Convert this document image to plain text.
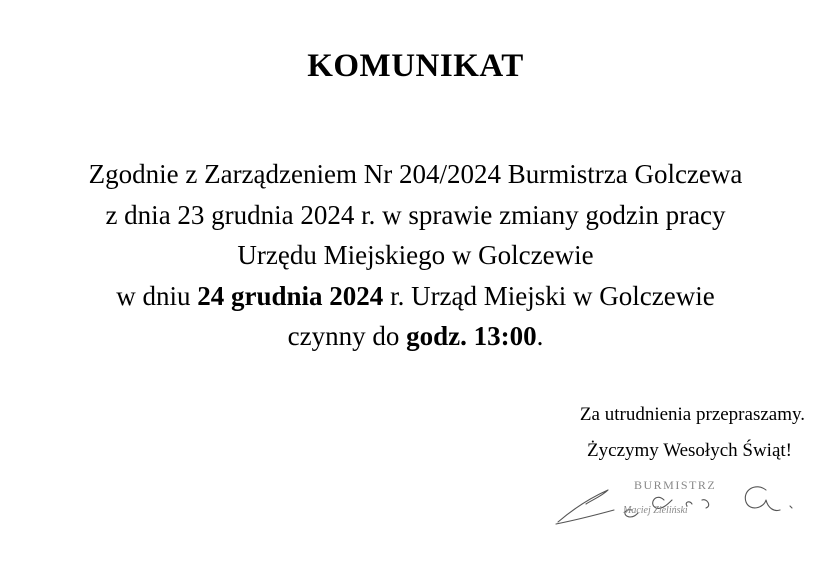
KOMUNIKAT
Zgodnie z Zarządzeniem Nr 204/2024 Burmistrza Golczewa
z dnia 23 grudnia 2024 r. w sprawie zmiany godzin pracy
Urzędu Miejskiego w Golczewie
w dniu 24 grudnia 2024 r. Urząd Miejski w Golczewie
czynny do godz. 13:00.
Za utrudnienia przepraszamy.
Życzymy Wesołych Świąt!
BURMISTRZ
Maciej Zieliński
